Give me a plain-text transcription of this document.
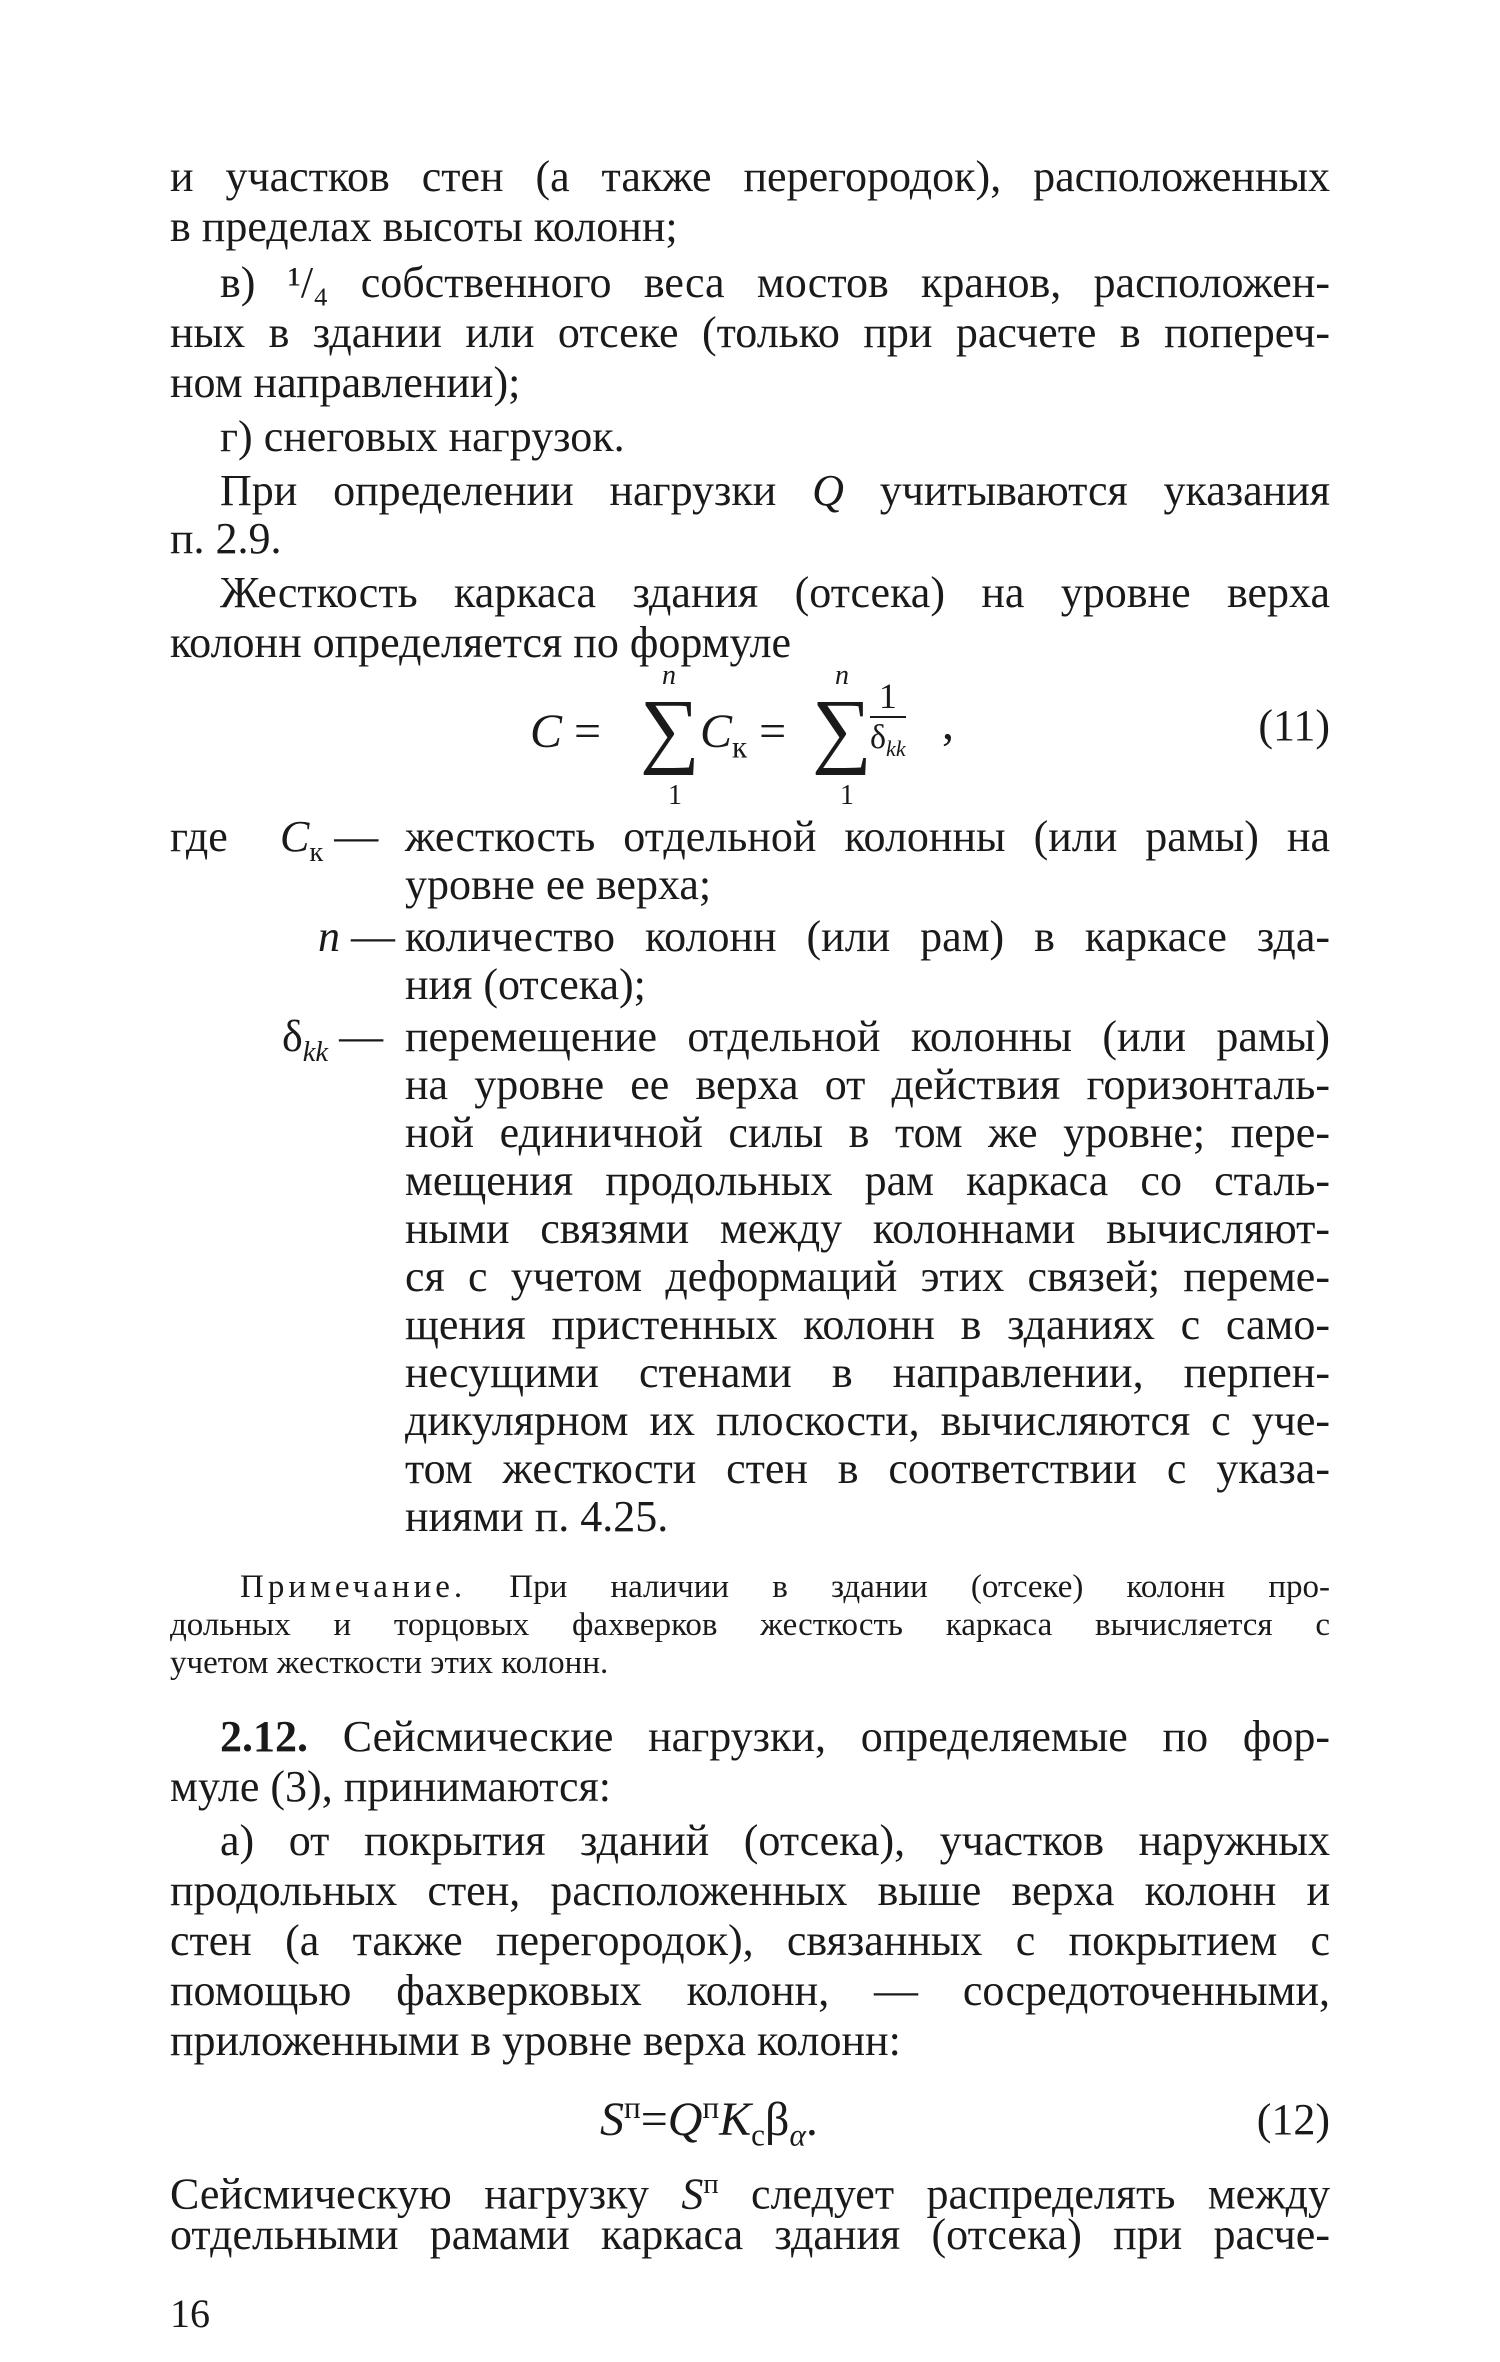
и участков стен (а также перегородок), расположенных
в пределах высоты колонн;
в) ¹/₄ собственного веса мостов кранов, расположен-
ных в здании или отсеке (только при расчете в попереч-
ном направлении);
г) снеговых нагрузок.
При определении нагрузки Q учитываются указания
п. 2.9.
Жесткость каркаса здания (отсека) на уровне верха
колонн определяется по формуле
C =
n
∑
1
$C_к$ =
n
∑
1
1
$\delta_{kk}$ ,	(11)
где $C_к$ — жесткость отдельной колонны (или рамы) на
уровне ее верха;
n — количество колонн (или рам) в каркасе зда-
ния (отсека);
$\delta_{kk}$ — перемещение отдельной колонны (или рамы)
на уровне ее верха от действия горизонталь-
ной единичной силы в том же уровне; пере-
мещения продольных рам каркаса со сталь-
ными связями между колоннами вычисляют-
ся с учетом деформаций этих связей; переме-
щения пристенных колонн в зданиях с само-
несущими стенами в направлении, перпен-
дикулярном их плоскости, вычисляются с уче-
том жесткости стен в соответствии с указа-
ниями п. 4.25.
Примечание. При наличии в здании (отсеке) колонн про-
дольных и торцовых фахверков жесткость каркаса вычисляется с
учетом жесткости этих колонн.
2.12. Сейсмические нагрузки, определяемые по фор-
муле (3), принимаются:
а) от покрытия зданий (отсека), участков наружных
продольных стен, расположенных выше верха колонн и
стен (а также перегородок), связанных с покрытием с
помощью фахверковых колонн, — сосредоточенными,
приложенными в уровне верха колонн:
$S^п=Q^пK_с\beta_\alpha$.	(12)
Сейсмическую нагрузку $S^п$ следует распределять между
отдельными рамами каркаса здания (отсека) при расче-
16
